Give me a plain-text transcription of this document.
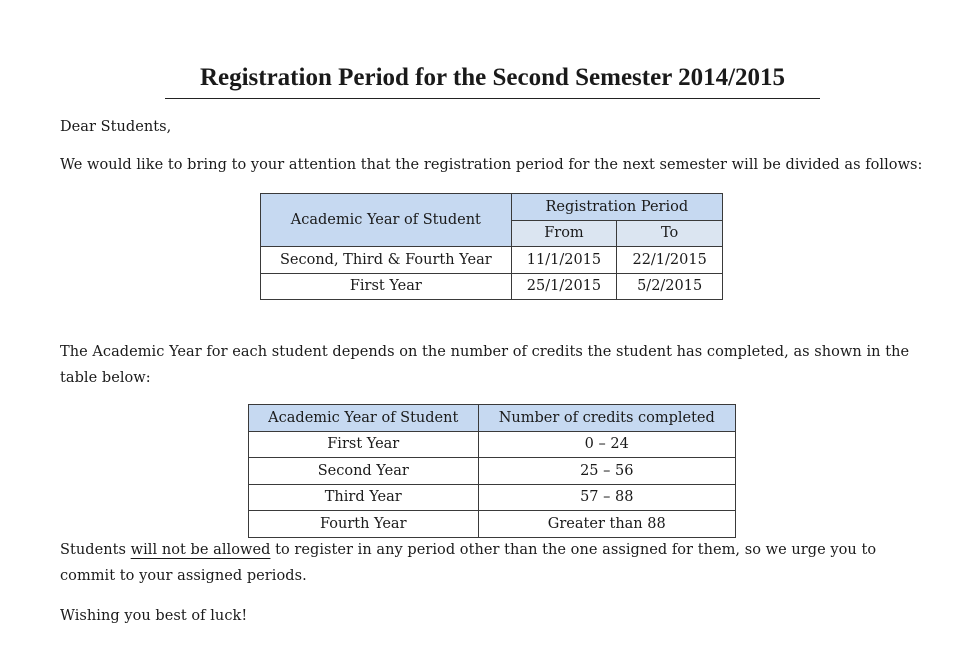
Registration Period for the Second Semester 2014/2015

Dear Students,

We would like to bring to your attention that the registration period for the next semester will be divided as follows:

Academic Year of Student	Registration Period	
	From	To
Second, Third & Fourth Year	11/1/2015	22/1/2015
First Year	25/1/2015	5/2/2015

The Academic Year for each student depends on the number of credits the student has completed, as shown in the table below:

Academic Year of Student	Number of credits completed
First Year	0 – 24
Second Year	25 – 56
Third Year	57 – 88
Fourth Year	Greater than 88

Students will not be allowed to register in any period other than the one assigned for them, so we urge you to commit to your assigned periods.

Wishing you best of luck!
